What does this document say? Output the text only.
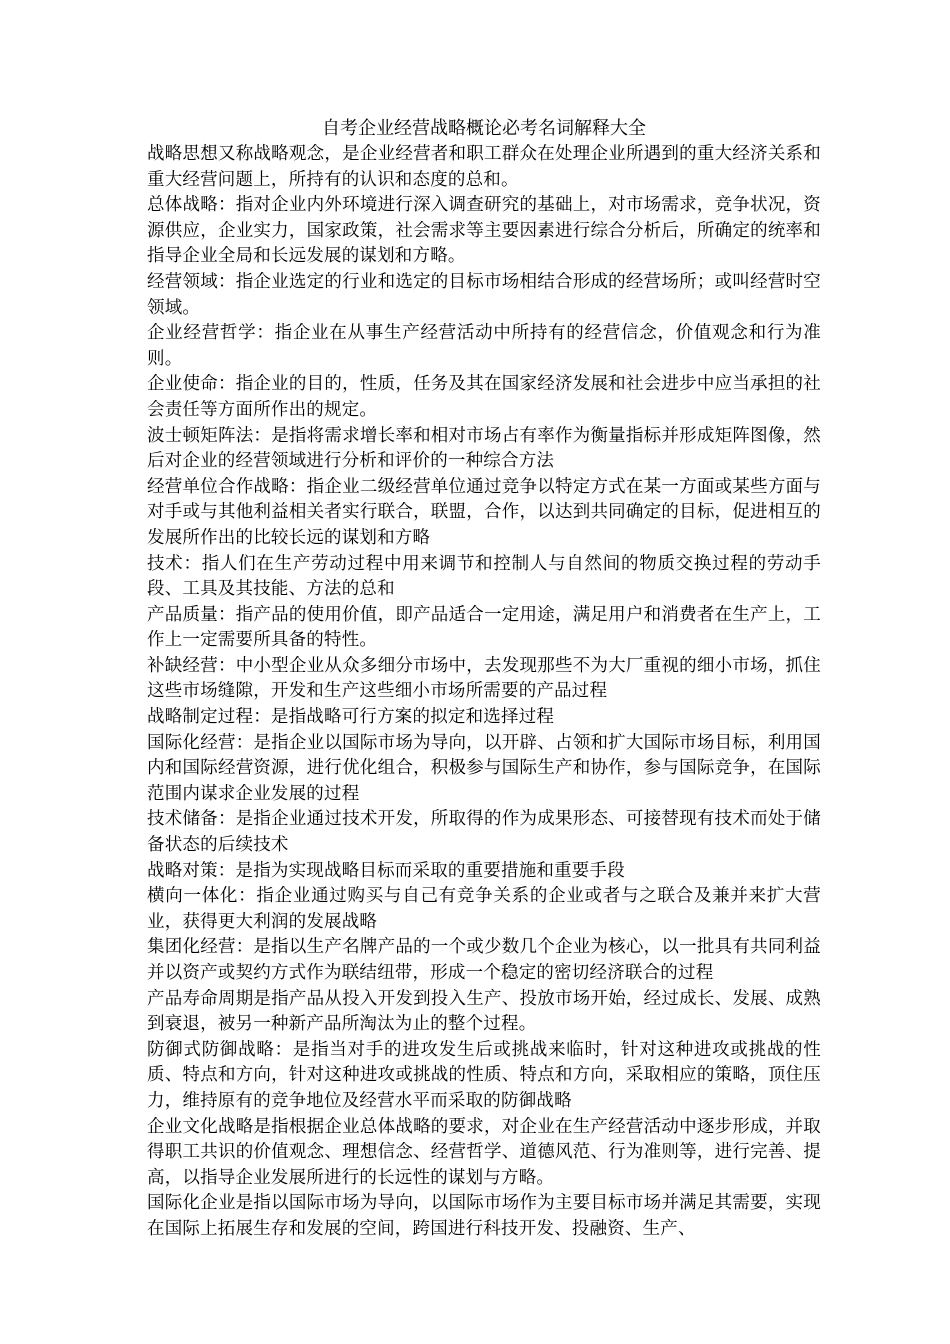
自考企业经营战略概论必考名词解释大全

战略思想又称战略观念，是企业经营者和职工群众在处理企业所遇到的重大经济关系和重大经营问题上，所持有的认识和态度的总和。

总体战略：指对企业内外环境进行深入调查研究的基础上，对市场需求，竞争状况，资源供应，企业实力，国家政策，社会需求等主要因素进行综合分析后，所确定的统率和指导企业全局和长远发展的谋划和方略。

经营领域：指企业选定的行业和选定的目标市场相结合形成的经营场所；或叫经营时空领域。

企业经营哲学：指企业在从事生产经营活动中所持有的经营信念，价值观念和行为准则。

企业使命：指企业的目的，性质，任务及其在国家经济发展和社会进步中应当承担的社会责任等方面所作出的规定。

波士顿矩阵法：是指将需求增长率和相对市场占有率作为衡量指标并形成矩阵图像，然后对企业的经营领域进行分析和评价的一种综合方法

经营单位合作战略：指企业二级经营单位通过竞争以特定方式在某一方面或某些方面与对手或与其他利益相关者实行联合，联盟，合作，以达到共同确定的目标，促进相互的发展所作出的比较长远的谋划和方略

技术：指人们在生产劳动过程中用来调节和控制人与自然间的物质交换过程的劳动手段、工具及其技能、方法的总和

产品质量：指产品的使用价值，即产品适合一定用途，满足用户和消费者在生产上，工作上一定需要所具备的特性。

补缺经营：中小型企业从众多细分市场中，去发现那些不为大厂重视的细小市场，抓住这些市场缝隙，开发和生产这些细小市场所需要的产品过程

战略制定过程：是指战略可行方案的拟定和选择过程

国际化经营：是指企业以国际市场为导向，以开辟、占领和扩大国际市场目标，利用国内和国际经营资源，进行优化组合，积极参与国际生产和协作，参与国际竞争，在国际范围内谋求企业发展的过程

技术储备：是指企业通过技术开发，所取得的作为成果形态、可接替现有技术而处于储备状态的后续技术

战略对策：是指为实现战略目标而采取的重要措施和重要手段

横向一体化：指企业通过购买与自己有竞争关系的企业或者与之联合及兼并来扩大营业，获得更大利润的发展战略

集团化经营：是指以生产名牌产品的一个或少数几个企业为核心，以一批具有共同利益并以资产或契约方式作为联结纽带，形成一个稳定的密切经济联合的过程

产品寿命周期是指产品从投入开发到投入生产、投放市场开始，经过成长、发展、成熟到衰退，被另一种新产品所淘汰为止的整个过程。

防御式防御战略：是指当对手的进攻发生后或挑战来临时，针对这种进攻或挑战的性质、特点和方向，针对这种进攻或挑战的性质、特点和方向，采取相应的策略，顶住压力，维持原有的竞争地位及经营水平而采取的防御战略

企业文化战略是指根据企业总体战略的要求，对企业在生产经营活动中逐步形成，并取得职工共识的价值观念、理想信念、经营哲学、道德风范、行为准则等，进行完善、提高，以指导企业发展所进行的长远性的谋划与方略。

国际化企业是指以国际市场为导向，以国际市场作为主要目标市场并满足其需要，实现在国际上拓展生存和发展的空间，跨国进行科技开发、投融资、生产、
